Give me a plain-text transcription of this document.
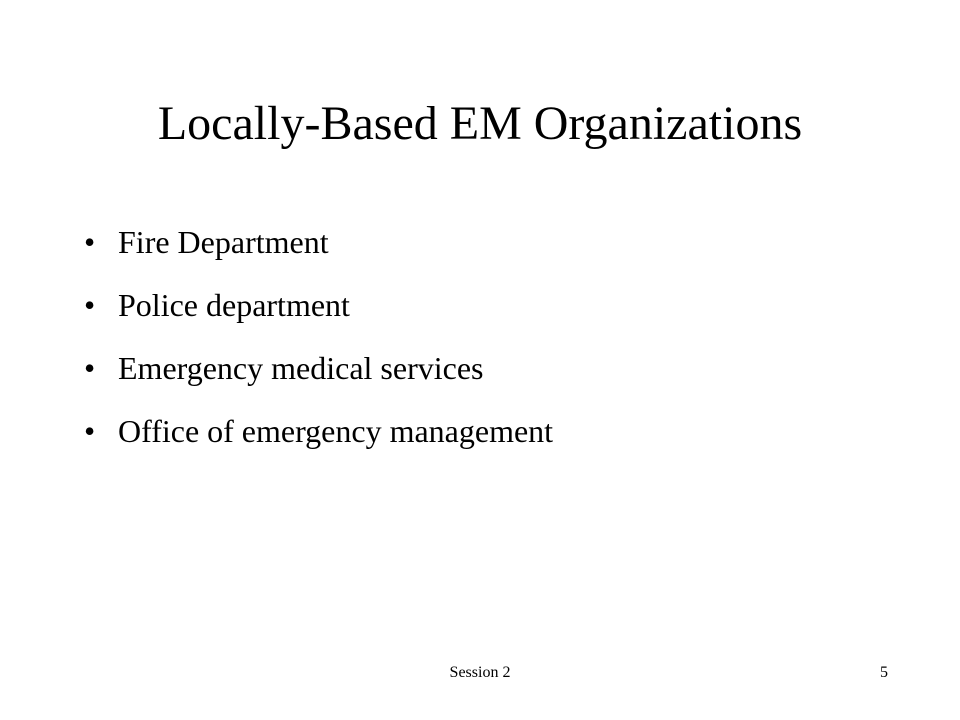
Locally-Based EM Organizations
• Fire Department
• Police department
• Emergency medical services
• Office of emergency management
Session 2	5
